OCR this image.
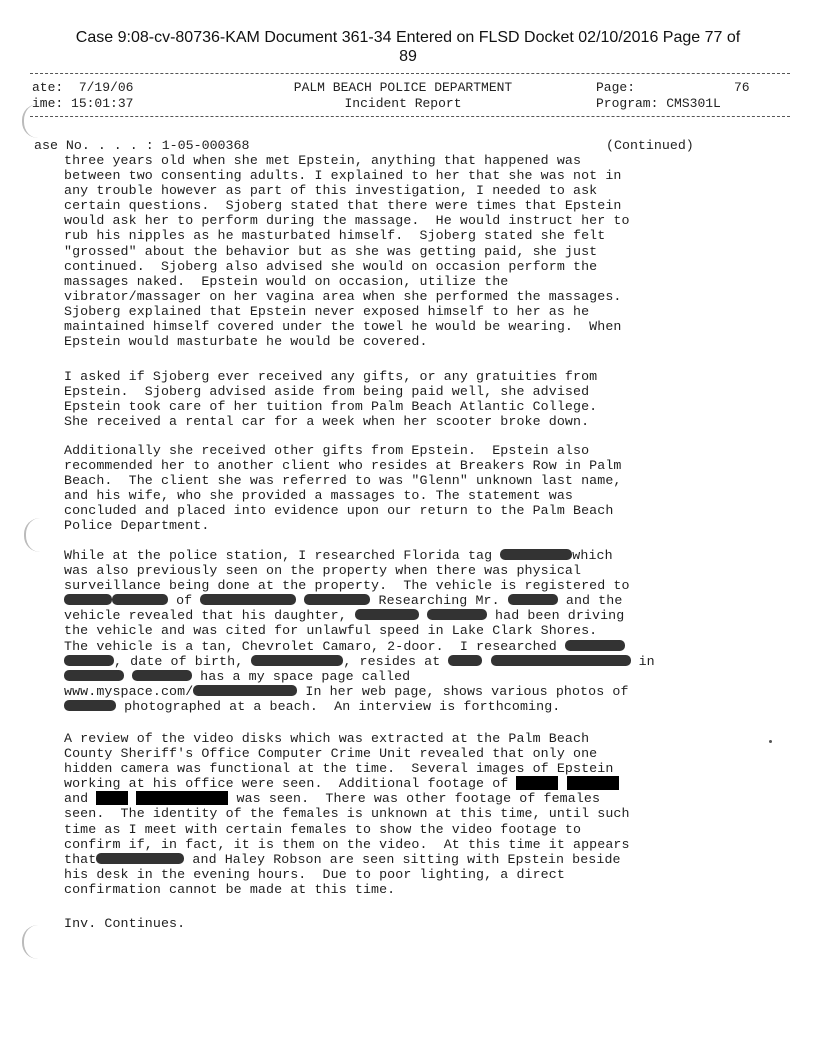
Case 9:08-cv-80736-KAM Document 361-34 Entered on FLSD Docket 02/10/2016 Page 77 of
89
ate: 7/19/06
ime: 15:01:37
PALM BEACH POLICE DEPARTMENT
Incident Report
Page:	76
Program: CMS301L
ase No. . . . : 1-05-000368	(Continued)
three years old when she met Epstein, anything that happened was
between two consenting adults. I explained to her that she was not in
any trouble however as part of this investigation, I needed to ask
certain questions.  Sjoberg stated that there were times that Epstein
would ask her to perform during the massage.  He would instruct her to
rub his nipples as he masturbated himself.  Sjoberg stated she felt
"grossed" about the behavior but as she was getting paid, she just
continued.  Sjoberg also advised she would on occasion perform the
massages naked.  Epstein would on occasion, utilize the
vibrator/massager on her vagina area when she performed the massages.
Sjoberg explained that Epstein never exposed himself to her as he
maintained himself covered under the towel he would be wearing.  When
Epstein would masturbate he would be covered.
I asked if Sjoberg ever received any gifts, or any gratuities from
Epstein.  Sjoberg advised aside from being paid well, she advised
Epstein took care of her tuition from Palm Beach Atlantic College.
She received a rental car for a week when her scooter broke down.
Additionally she received other gifts from Epstein.  Epstein also
recommended her to another client who resides at Breakers Row in Palm
Beach.  The client she was referred to was "Glenn" unknown last name,
and his wife, who she provided a massages to. The statement was
concluded and placed into evidence upon our return to the Palm Beach
Police Department.
While at the police station, I researched Florida tag	which
was also previously seen on the property when there was physical
surveillance being done at the property.  The vehicle is registered to
of	Researching Mr.	and the
vehicle revealed that his daughter,	had been driving
the vehicle and was cited for unlawful speed in Lake Clark Shores.
The vehicle is a tan, Chevrolet Camaro, 2-door.  I researched
, date of birth,	, resides at	in
has a my space page called
www.myspace.com/	In her web page, shows various photos of
photographed at a beach.  An interview is forthcoming.
A review of the video disks which was extracted at the Palm Beach
County Sheriff's Office Computer Crime Unit revealed that only one
hidden camera was functional at the time.  Several images of Epstein
working at his office were seen.  Additional footage of
and	was seen.  There was other footage of females
seen.  The identity of the females is unknown at this time, until such
time as I meet with certain females to show the video footage to
confirm if, in fact, it is them on the video.  At this time it appears
that	and Haley Robson are seen sitting with Epstein beside
his desk in the evening hours.  Due to poor lighting, a direct
confirmation cannot be made at this time.
Inv. Continues.
